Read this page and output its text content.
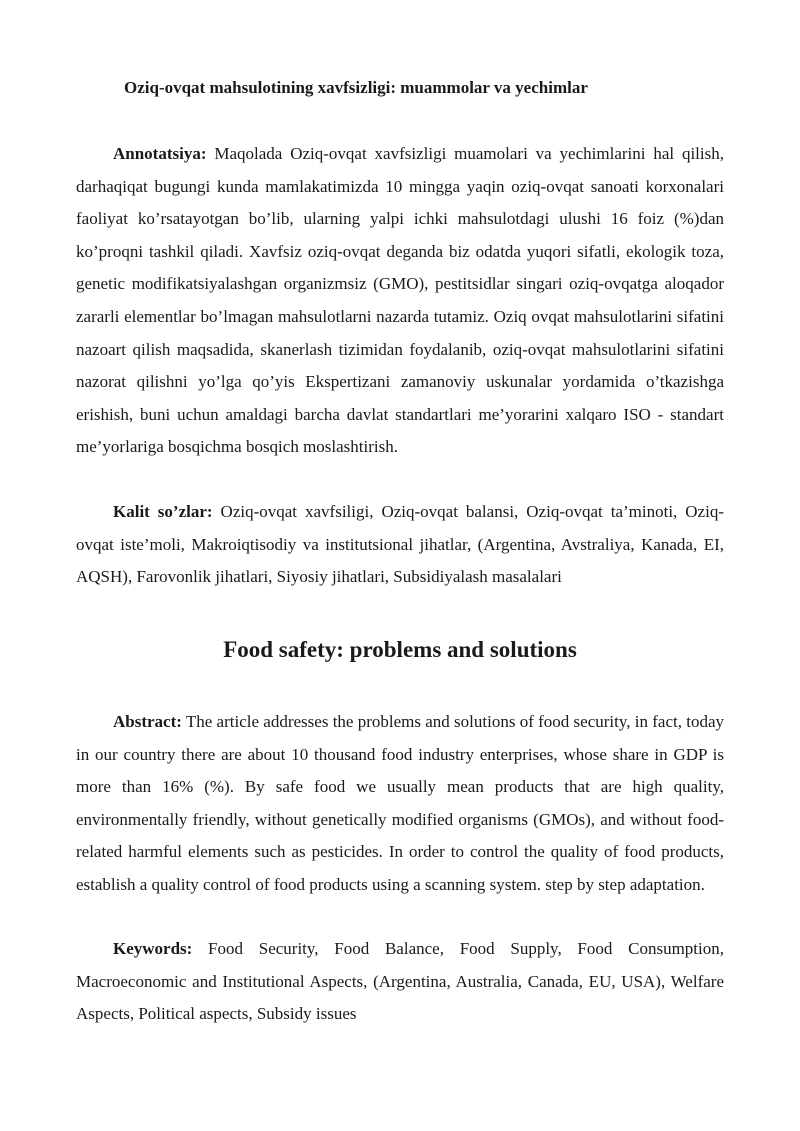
Oziq-ovqat mahsulotining xavfsizligi: muammolar va yechimlar
Annotatsiya: Maqolada Oziq-ovqat xavfsizligi muamolari va yechimlarini hal qilish, darhaqiqat bugungi kunda mamlakatimizda 10 mingga yaqin oziq-ovqat sanoati korxonalari faoliyat ko’rsatayotgan bo’lib, ularning yalpi ichki mahsulotdagi ulushi 16 foiz (%)dan ko’proqni tashkil qiladi. Xavfsiz oziq-ovqat deganda biz odatda yuqori sifatli, ekologik toza, genetic modifikatsiyalashgan organizmsiz (GMO), pestitsidlar singari oziq-ovqatga aloqador zararli elementlar bo’lmagan mahsulotlarni nazarda tutamiz. Oziq ovqat mahsulotlarini sifatini nazoart qilish maqsadida, skanerlash tizimidan foydalanib, oziq-ovqat mahsulotlarini sifatini nazorat qilishni yo’lga qo’yis Ekspertizani zamanoviy uskunalar yordamida o’tkazishga erishish, buni uchun amaldagi barcha davlat standartlari me’yorarini xalqaro ISO - standart me’yorlariga bosqichma bosqich moslashtirish.
Kalit so’zlar: Oziq-ovqat xavfsiligi, Oziq-ovqat balansi, Oziq-ovqat ta’minoti, Oziq-ovqat iste’moli, Makroiqtisodiy va institutsional jihatlar, (Argentina, Avstraliya, Kanada, EI, AQSH), Farovonlik jihatlari, Siyosiy jihatlari, Subsidiyalash masalalari
Food safety: problems and solutions
Abstract: The article addresses the problems and solutions of food security, in fact, today in our country there are about 10 thousand food industry enterprises, whose share in GDP is more than 16% (%). By safe food we usually mean products that are high quality, environmentally friendly, without genetically modified organisms (GMOs), and without food-related harmful elements such as pesticides. In order to control the quality of food products, establish a quality control of food products using a scanning system. step by step adaptation.
Keywords: Food Security, Food Balance, Food Supply, Food Consumption, Macroeconomic and Institutional Aspects, (Argentina, Australia, Canada, EU, USA), Welfare Aspects, Political aspects, Subsidy issues
